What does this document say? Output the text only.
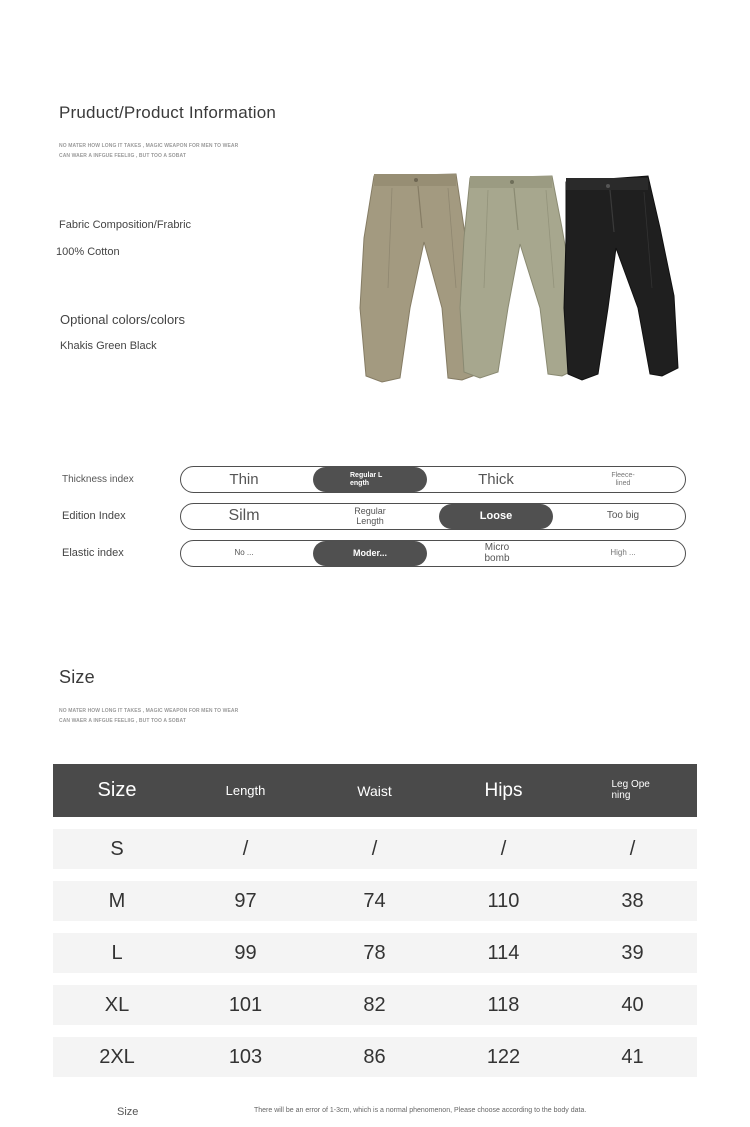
Pruduct/Product Information
NO MATER HOW LONG IT TAKES , MAGIC WEAPON FOR MEN TO WEAR
CAN WAER A INFGUE FEELIIG , BUT TOO A SOBAT
Fabric Composition/Frabric
100% Cotton
Optional colors/colors
Khakis Green Black
Thickness index	Thin	Regular L ength	Thick	Fleece-lined
Edition Index	Silm	Regular Length	Loose	Too big
Elastic index	No ...	Moder...	Micro bomb	High ...
Size
NO MATER HOW LONG IT TAKES , MAGIC WEAPON FOR MEN TO WEAR
CAN WAER A INFGUE FEELIIG , BUT TOO A SOBAT
Size	Length	Waist	Hips	Leg Ope ning
S	/	/	/	/
M	97	74	110	38
L	99	78	114	39
XL	101	82	118	40
2XL	103	86	122	41
Size	There will be an error of 1-3cm, which is a normal phenomenon, Please choose according to the body data.
